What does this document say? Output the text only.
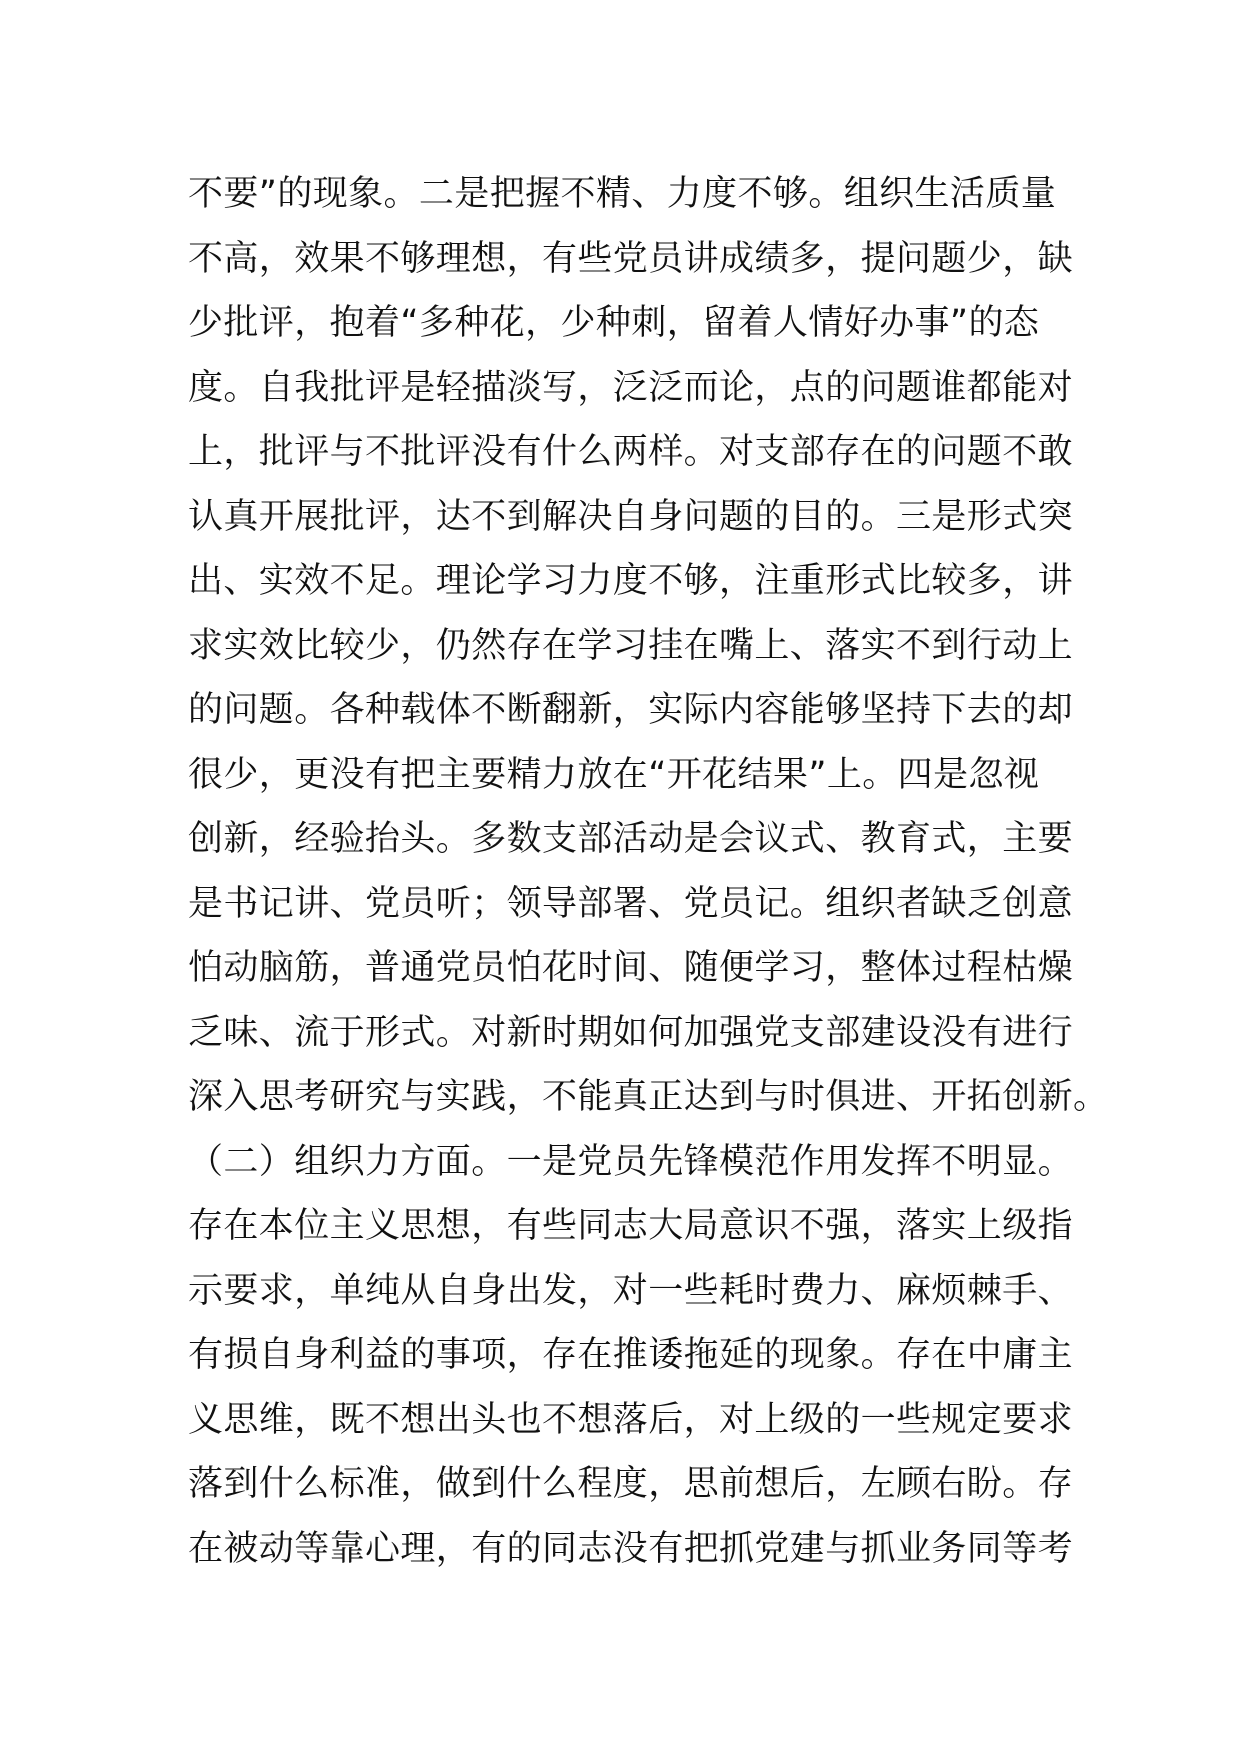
不要”的现象。二是把握不精、力度不够。组织生活质量
不高，效果不够理想，有些党员讲成绩多，提问题少，缺
少批评，抱着“多种花，少种刺，留着人情好办事”的态
度。自我批评是轻描淡写，泛泛而论，点的问题谁都能对
上，批评与不批评没有什么两样。对支部存在的问题不敢
认真开展批评，达不到解决自身问题的目的。三是形式突
出、实效不足。理论学习力度不够，注重形式比较多，讲
求实效比较少，仍然存在学习挂在嘴上、落实不到行动上
的问题。各种载体不断翻新，实际内容能够坚持下去的却
很少，更没有把主要精力放在“开花结果”上。四是忽视
创新，经验抬头。多数支部活动是会议式、教育式，主要
是书记讲、党员听；领导部署、党员记。组织者缺乏创意
怕动脑筋，普通党员怕花时间、随便学习，整体过程枯燥
乏味、流于形式。对新时期如何加强党支部建设没有进行
深入思考研究与实践，不能真正达到与时俱进、开拓创新。
（二）组织力方面。一是党员先锋模范作用发挥不明显。
存在本位主义思想，有些同志大局意识不强，落实上级指
示要求，单纯从自身出发，对一些耗时费力、麻烦棘手、
有损自身利益的事项，存在推诿拖延的现象。存在中庸主
义思维，既不想出头也不想落后，对上级的一些规定要求
落到什么标准，做到什么程度，思前想后，左顾右盼。存
在被动等靠心理，有的同志没有把抓党建与抓业务同等考
